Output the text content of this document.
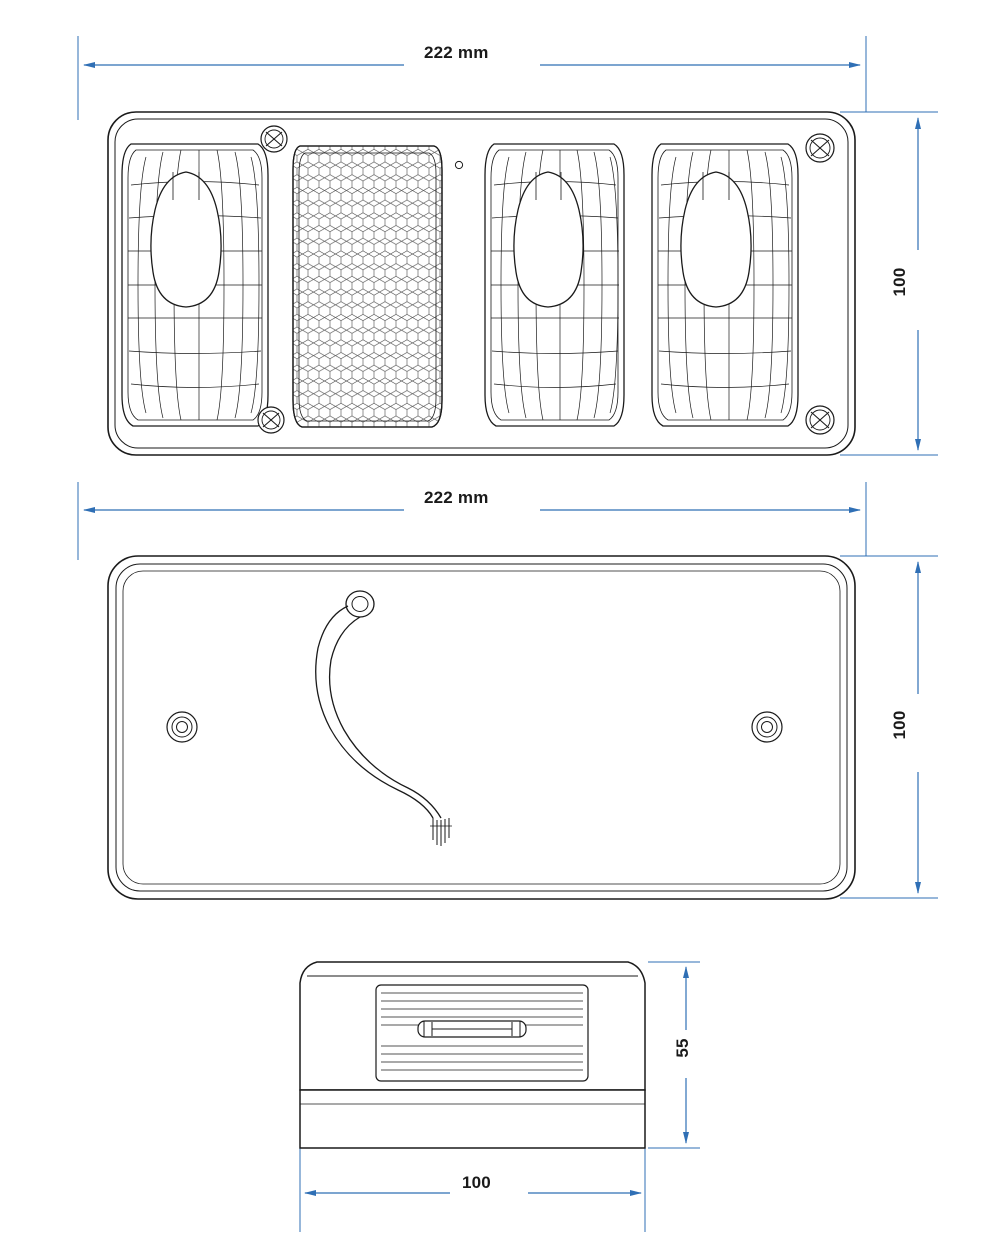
222 mm
100
222 mm
100
55
100
